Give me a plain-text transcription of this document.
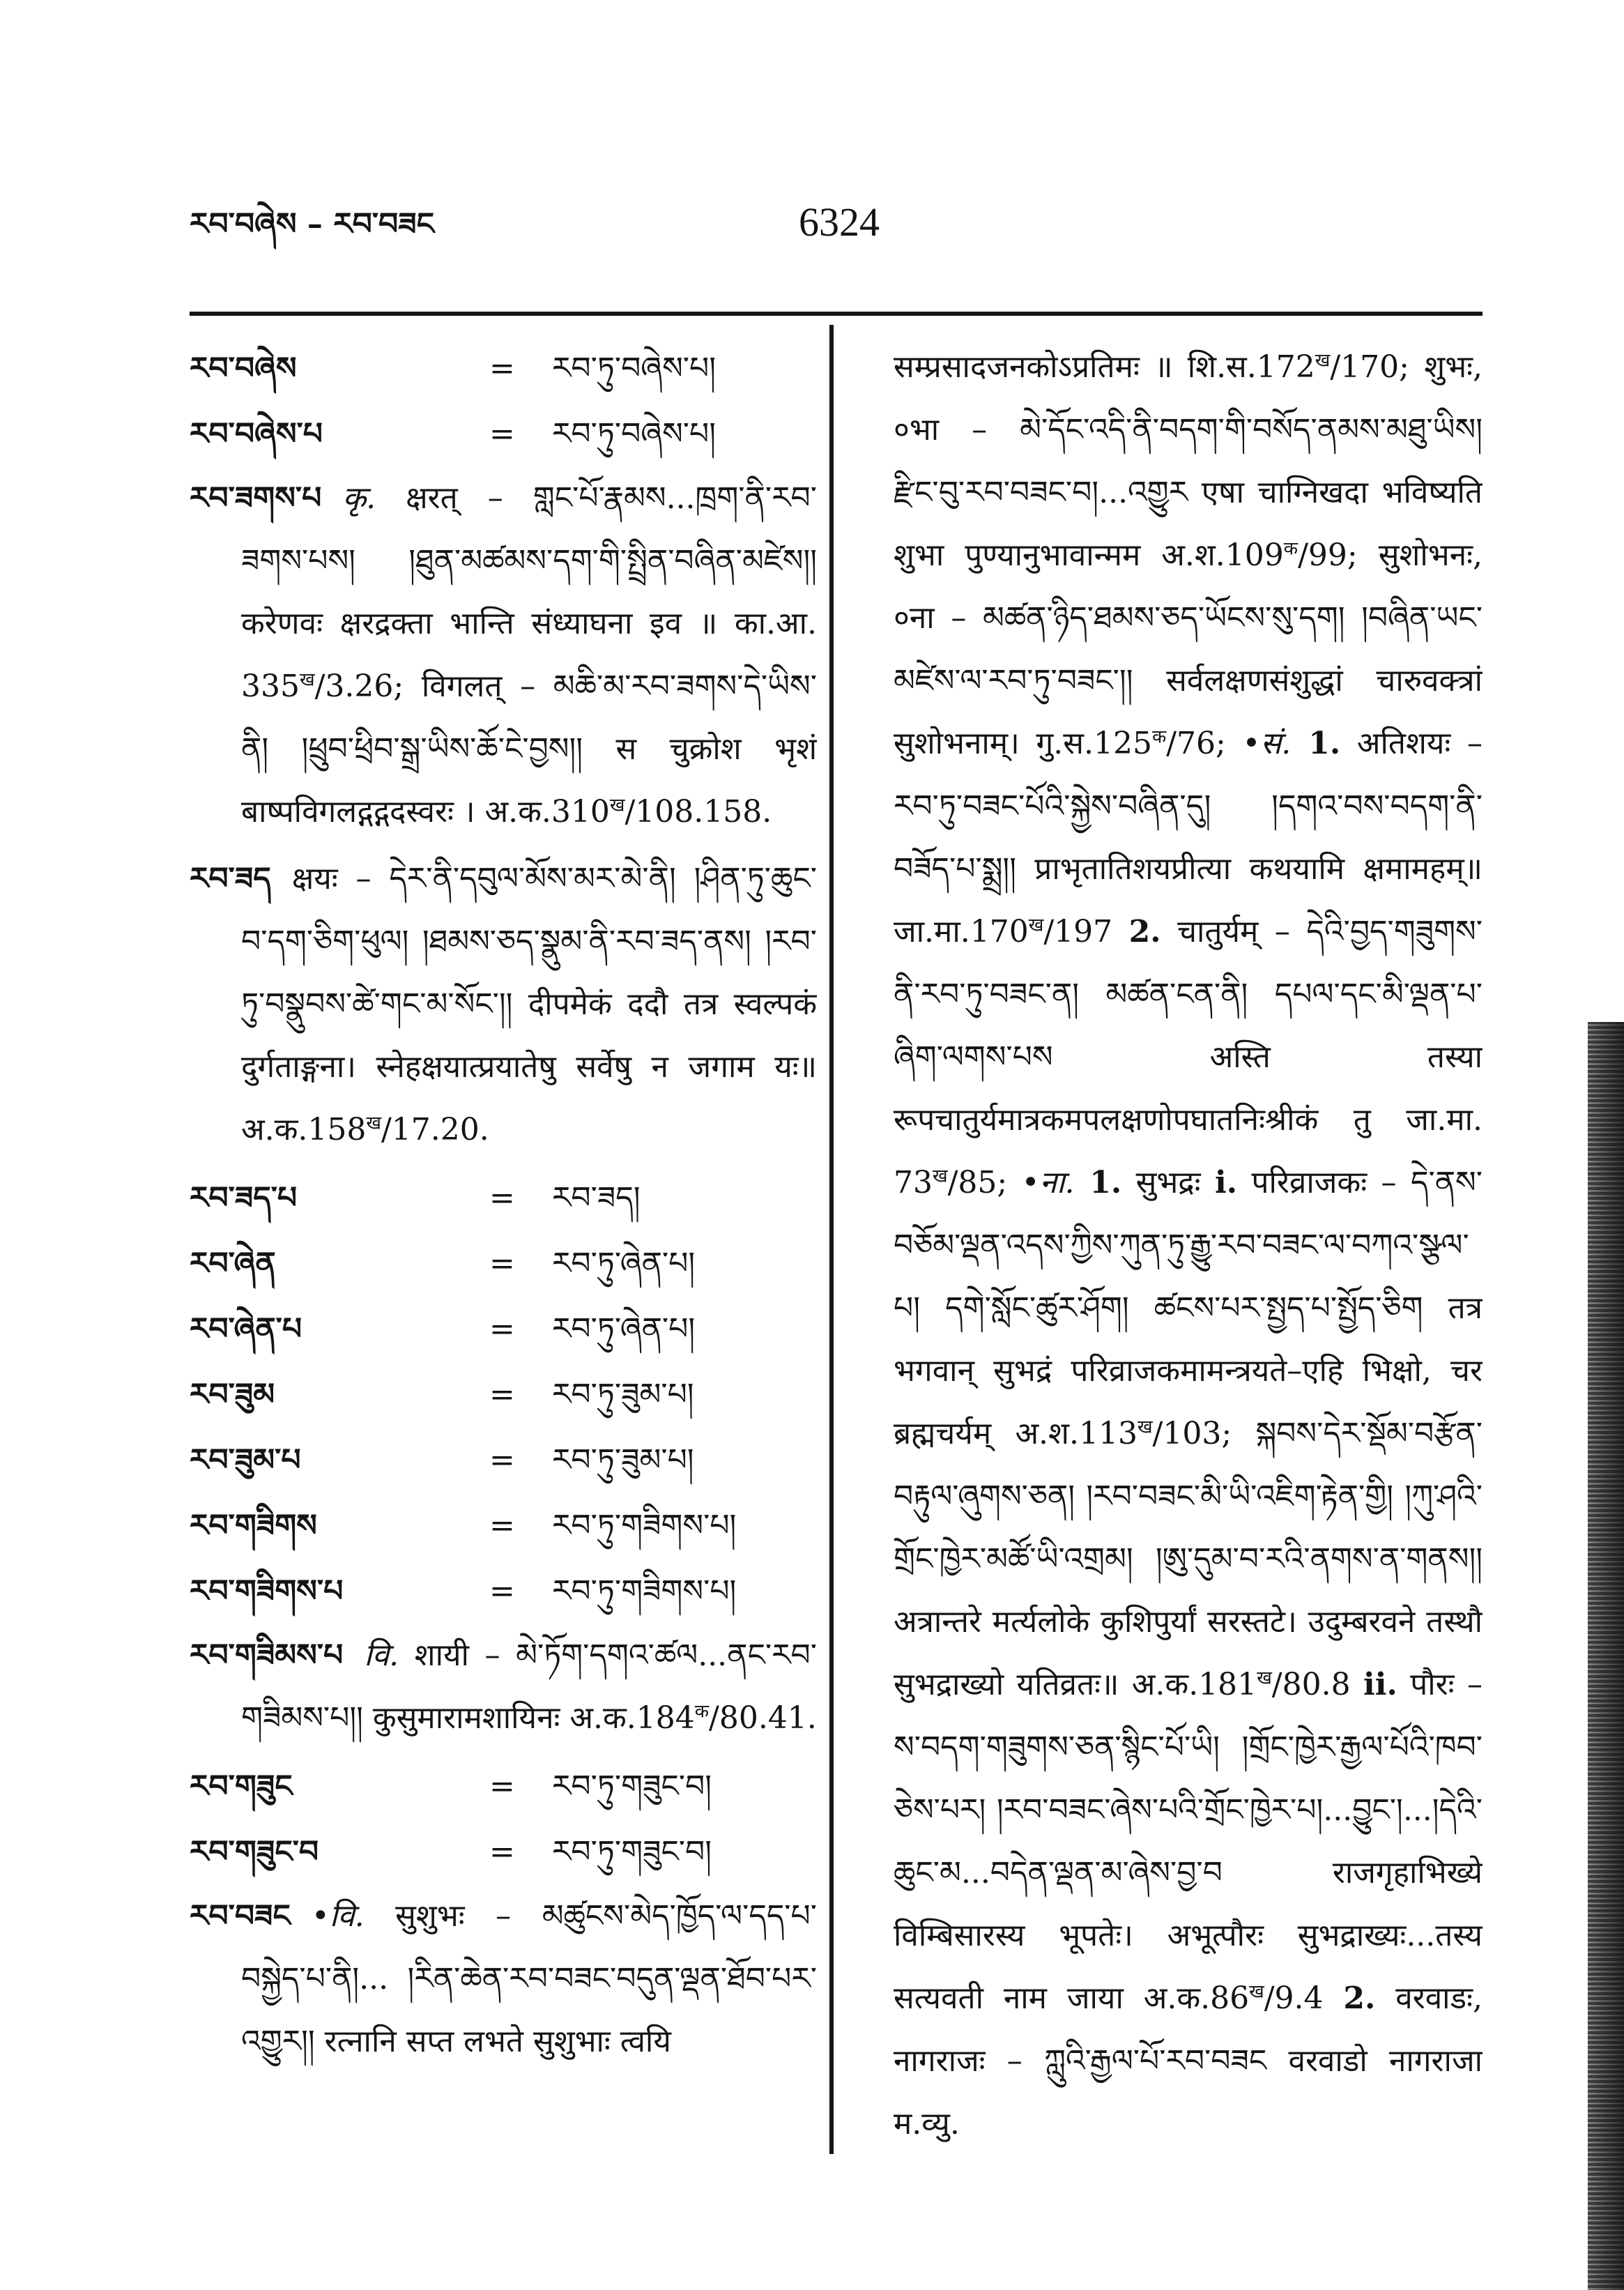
རབ་བཞེས – རབ་བཟང	6324
རབ་བཞེས	=	རབ་ཏུ་བཞེས་པ།
རབ་བཞེས་པ	=	རབ་ཏུ་བཞེས་པ།

རབ་ཟགས་པ कृ. क्षरत् – གླང་པོ་རྣམས...ཁྲག་ནི་རབ་ཟགས་པས། །ཐུན་མཚམས་དག་གི་སྤྲིན་བཞིན་མཛེས།། करेणवः क्षरद्रक्ता भान्ति संध्याघना इव ॥ का.आ. $335^ख/3.26$; विगलत् – མཆི་མ་རབ་ཟགས་དེ་ཡིས་ནི། །ཕྲུབ་ཕྲིབ་སྒྲ་ཡིས་ཆོ་ངེ་བྱས།། स चुक्रोश भृशं बाष्पविगलद्गद्गदस्वरः । $अ.क.310^ख/108.158$.

རབ་ཟད क्षयः – དེར་ནི་དབུལ་མོས་མར་མེ་ནི། །ཤིན་ཏུ་ཆུང་བ་དག་ཅིག་ཕུལ། །ཐམས་ཅད་སྣུམ་ནི་རབ་ཟད་ནས། །རབ་ཏུ་བསྣུབས་ཚེ་གང་མ་སོང་།། दीपमेकं ददौ तत्र स्वल्पकं दुर्गताङ्गना। स्नेहक्षयात्प्रयातेषु सर्वेषु न जगाम यः॥ $अ.क.158^ख/17.20$.

རབ་ཟད་པ	=	རབ་ཟད།
རབ་ཞེན	=	རབ་ཏུ་ཞེན་པ།
རབ་ཞེན་པ	=	རབ་ཏུ་ཞེན་པ།
རབ་ཟུམ	=	རབ་ཏུ་ཟུམ་པ།
རབ་ཟུམ་པ	=	རབ་ཏུ་ཟུམ་པ།
རབ་གཟིགས	=	རབ་ཏུ་གཟིགས་པ།
རབ་གཟིགས་པ	=	རབ་ཏུ་གཟིགས་པ།

རབ་གཟིམས་པ वि. शायी – མེ་ཏོག་དགའ་ཚལ...ནང་རབ་གཟིམས་པ།། कुसुमारामशायिनः $अ.क.184^क/80.41$.

རབ་གཟུང	=	རབ་ཏུ་གཟུང་བ།
རབ་གཟུང་བ	=	རབ་ཏུ་གཟུང་བ།

རབ་བཟང •वि. सुशुभः – མཚུངས་མེད་ཁྱོད་ལ་དད་པ་བསྐྱེད་པ་ནི།... །རིན་ཆེན་རབ་བཟང་བདུན་ལྡན་ཐོབ་པར་འགྱུར།། रत्नानि सप्त लभते सुशुभाः त्वयि

सम्प्रसादजनकोऽप्रतिमः ॥ $शि.स.172^ख/170$; शुभः, ०भा – མེ་དོང་འདི་ནི་བདག་གི་བསོད་ནམས་མཐུ་ཡིས། རྫིང་བུ་རབ་བཟང་བ།...འགྱུར एषा चाग्निखदा भविष्यति शुभा पुण्यानुभावान्मम $अ.श.109^क/99$; सुशोभनः, ०ना – མཚན་ཉིད་ཐམས་ཅད་ཡོངས་སུ་དག། །བཞིན་ཡང་མཛེས་ལ་རབ་ཏུ་བཟང་།། सर्वलक्षणसंशुद्धां चारुवक्त्रां सुशोभनाम्। $गु.स.125^क/76$; •सं. 1. अतिशयः – རབ་ཏུ་བཟང་པོའི་སྐྱེས་བཞིན་དུ། །དགའ་བས་བདག་ནི་བཟོད་པ་སྨྲ།། प्राभृतातिशयप्रीत्या कथयामि क्षमामहम्॥ $जा.मा.170^ख/197$ 2. चातुर्यम् – དེའི་བྱད་གཟུགས་ནི་རབ་ཏུ་བཟང་ན། མཚན་ངན་ནི། དཔལ་དང་མི་ལྡན་པ་ཞིག་ལགས་པས अस्ति तस्या रूपचातुर्यमात्रकमपलक्षणोपघातनिःश्रीकं तु जा.मा. $73^ख/85$; •ना. 1. सुभद्रः i. परिव्राजकः – དེ་ནས་བཅོམ་ལྡན་འདས་ཀྱིས་ཀུན་ཏུ་རྒྱུ་རབ་བཟང་ལ་བཀའ་སྩལ་པ། དགེ་སློང་ཚུར་ཤོག། ཚངས་པར་སྤྱད་པ་སྤྱོད་ཅིག तत्र भगवान् सुभद्रं परिव्राजकमामन्त्रयते–एहि भिक्षो, चर ब्रह्मचर्यम् $अ.श.113^ख/103$; སྐབས་དེར་སྡོམ་བརྩོན་བརྟུལ་ཞུགས་ཅན། །རབ་བཟང་མི་ཡི་འཇིག་རྟེན་གྱི། །ཀུ་ཤའི་གྲོང་ཁྱེར་མཚོ་ཡི་འགྲམ། །ཨུ་དུམ་བ་རའི་ནགས་ན་གནས།། अत्रान्तरे मर्त्यलोके कुशिपुर्यां सरस्तटे। उदुम्बरवने तस्थौ सुभद्राख्यो यतिव्रतः॥ $अ.क.181^ख/80.8$ ii. पौरः – ས་བདག་གཟུགས་ཅན་སྙིང་པོ་ཡི། །གྲོང་ཁྱེར་རྒྱལ་པོའི་ཁབ་ཅེས་པར། །རབ་བཟང་ཞེས་པའི་གྲོང་ཁྱེར་པ།...བྱུང་།...།དེའི་ཆུང་མ...བདེན་ལྡན་མ་ཞེས་བྱ་བ राजगृहाभिख्ये विम्बिसारस्य भूपतेः। अभूत्पौरः सुभद्राख्यः...तस्य सत्यवती नाम जाया $अ.क.86^ख/9.4$ 2. वरवाडः, नागराजः – ཀླུའི་རྒྱལ་པོ་རབ་བཟང वरवाडो नागराजा म.व्यु.
